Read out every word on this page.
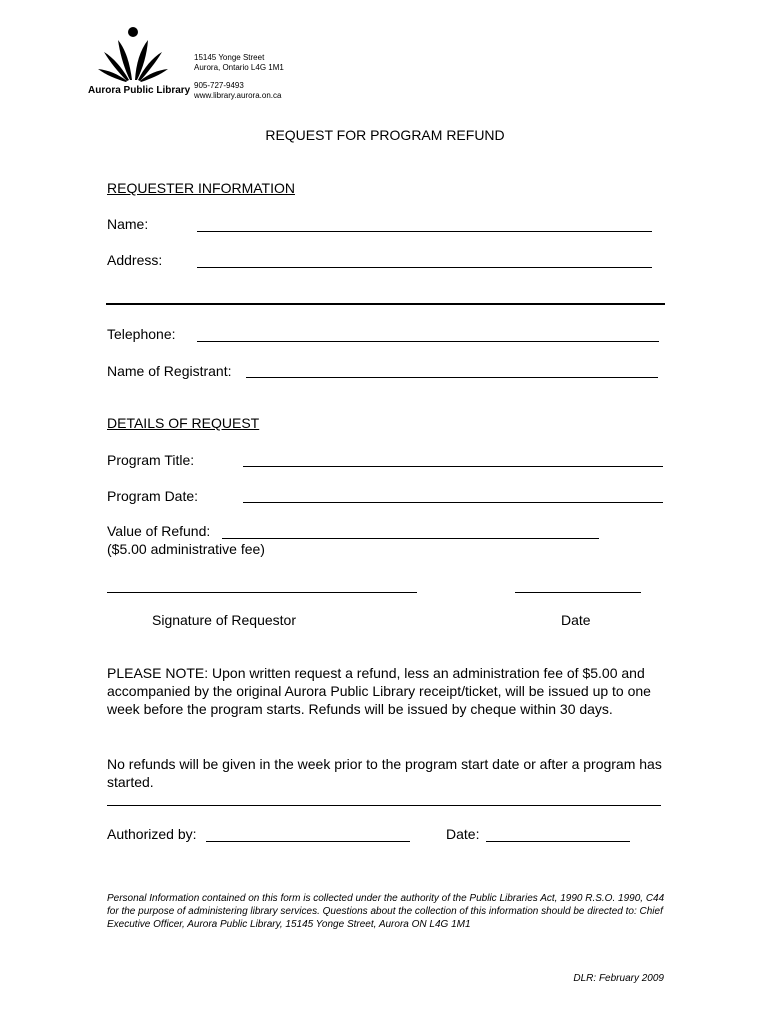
Aurora Public Library
15145 Yonge Street
Aurora, Ontario L4G 1M1
905-727-9493
www.library.aurora.on.ca
REQUEST FOR PROGRAM REFUND
REQUESTER INFORMATION
Name:
Address:
Telephone:
Name of Registrant:
DETAILS OF REQUEST
Program Title:
Program Date:
Value of Refund:
($5.00 administrative fee)
Signature of Requestor	Date
PLEASE NOTE: Upon written request a refund, less an administration fee of $5.00 and accompanied by the original Aurora Public Library receipt/ticket, will be issued up to one week before the program starts. Refunds will be issued by cheque within 30 days.
No refunds will be given in the week prior to the program start date or after a program has started.
Authorized by:	Date:
Personal Information contained on this form is collected under the authority of the Public Libraries Act, 1990 R.S.O. 1990, C44 for the purpose of administering library services. Questions about the collection of this information should be directed to: Chief Executive Officer, Aurora Public Library, 15145 Yonge Street, Aurora ON L4G 1M1
DLR: February 2009
